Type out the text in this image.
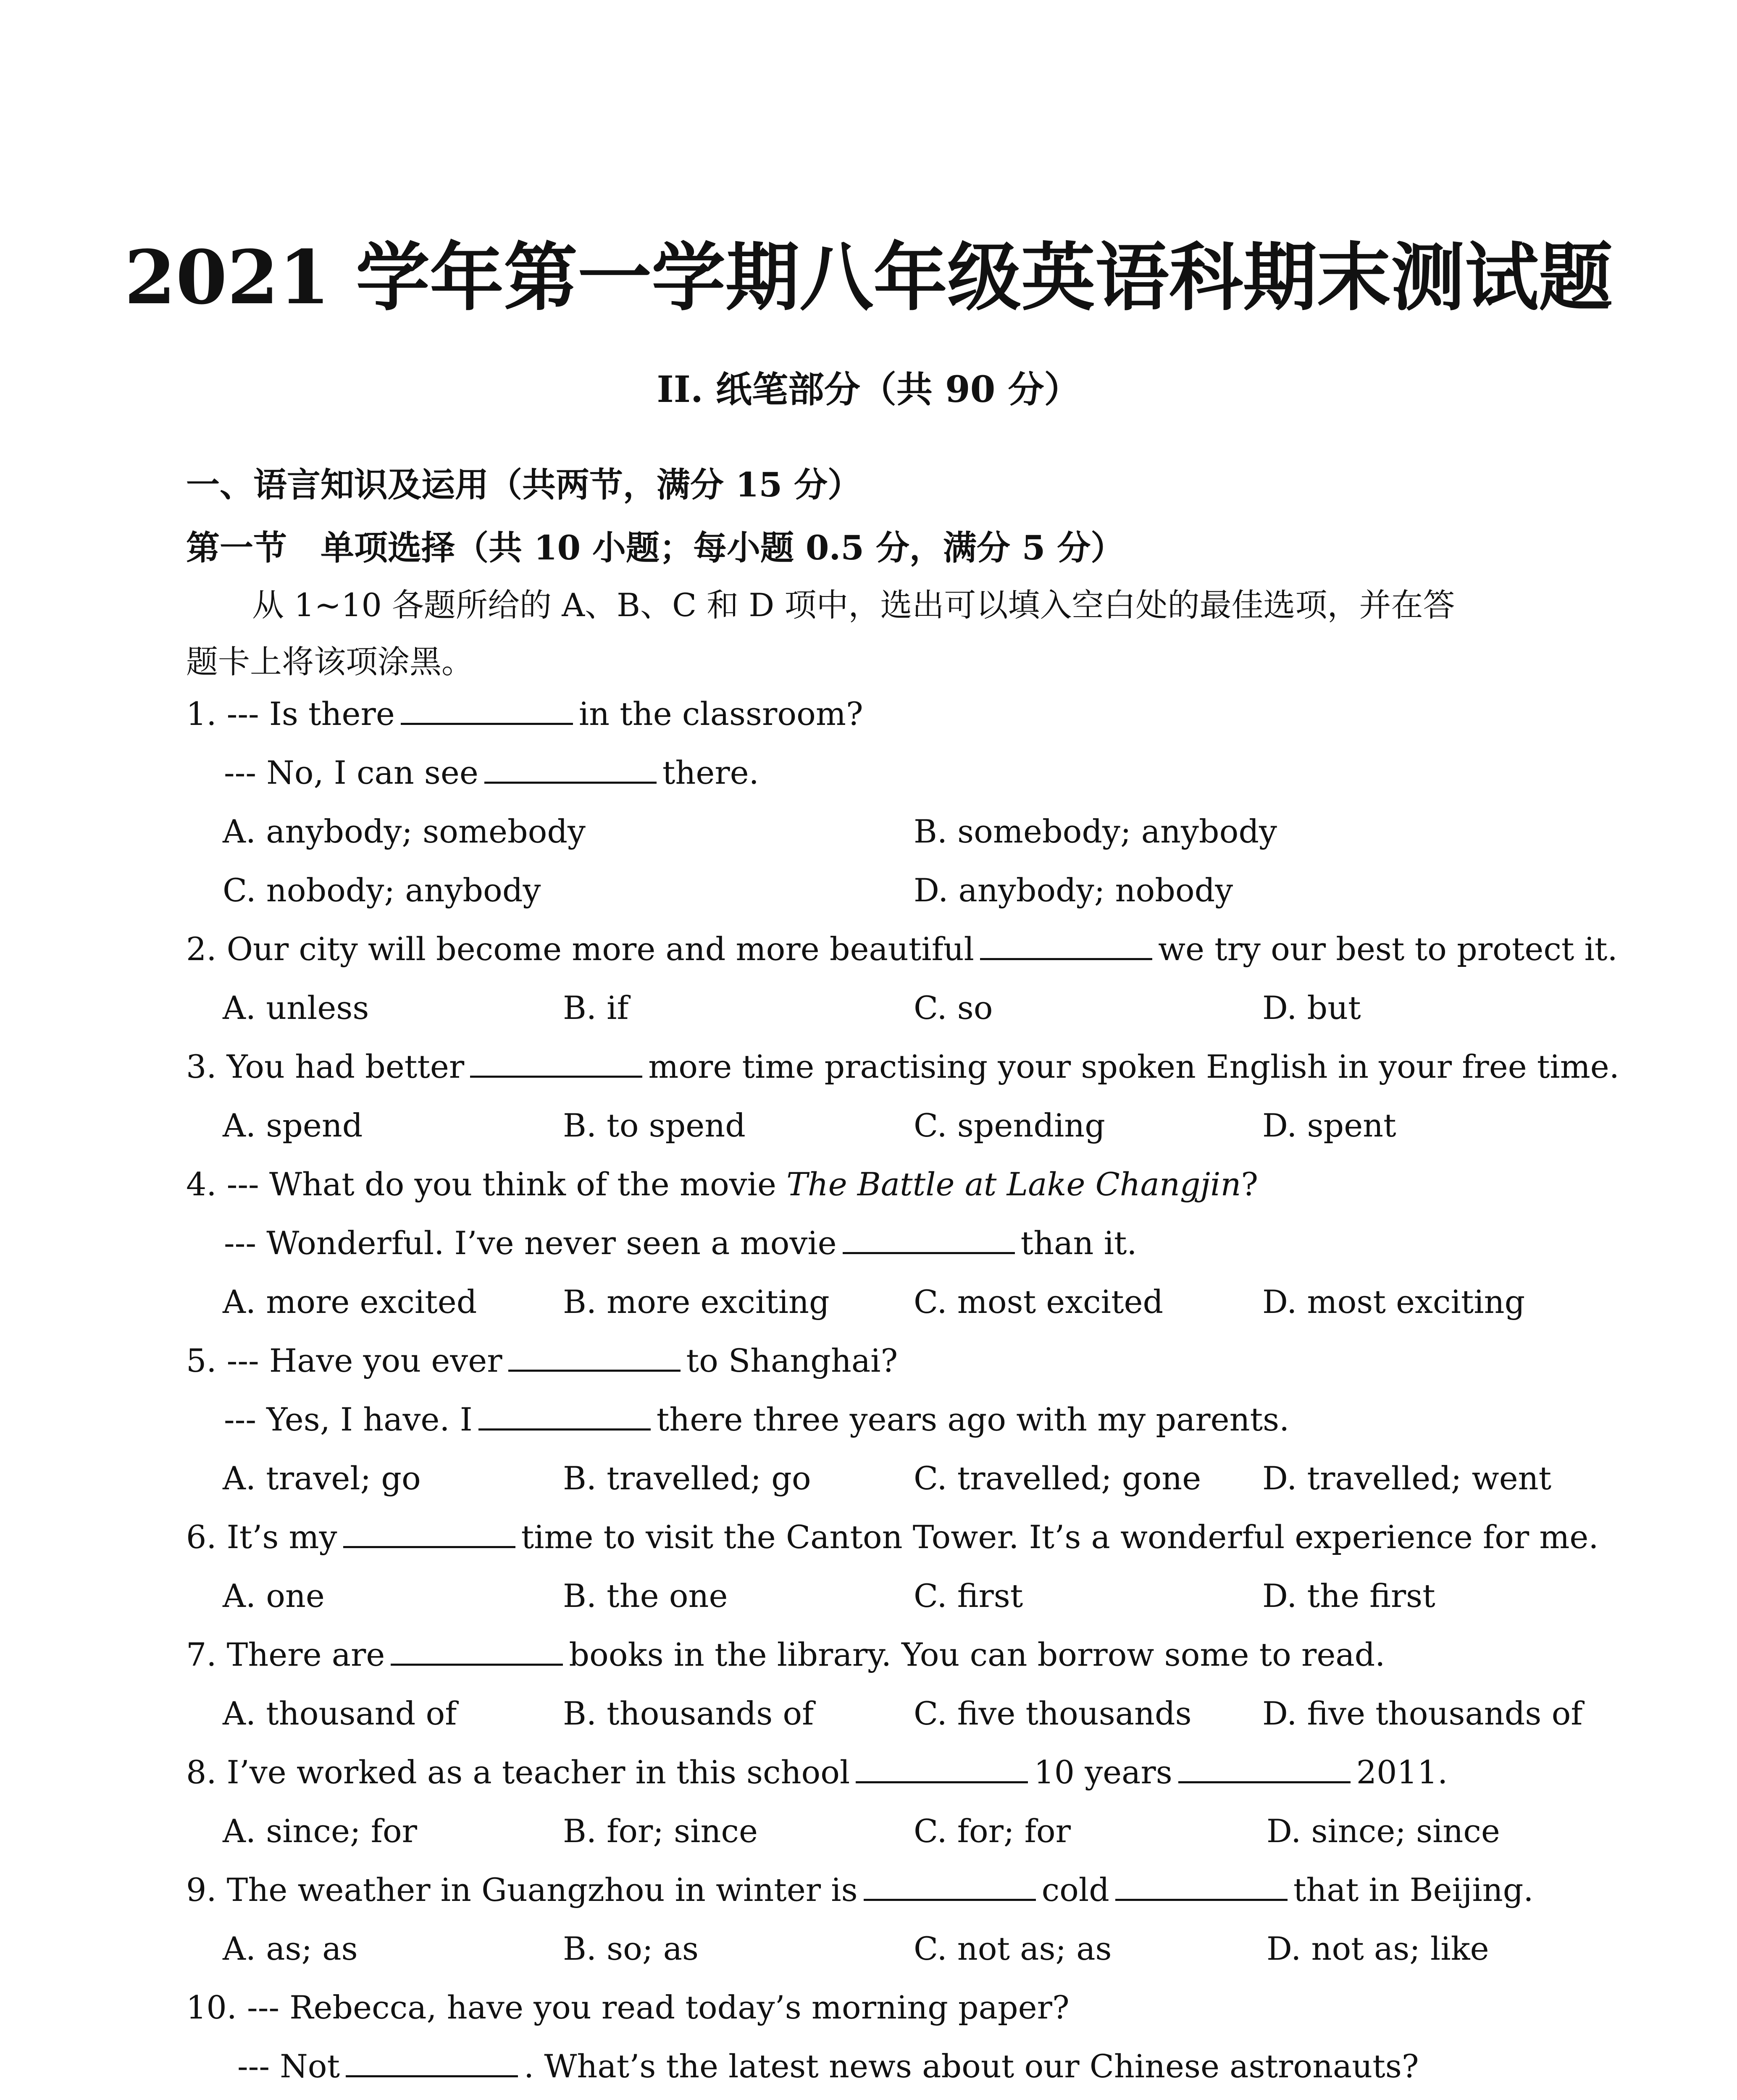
2021 学年第一学期八年级英语科期末测试题
II. 纸笔部分（共 90 分）
一、语言知识及运用（共两节，满分 15 分）
第一节　单项选择（共 10 小题；每小题 0.5 分，满分 5 分）
从 1~10 各题所给的 A、B、C 和 D 项中，选出可以填入空白处的最佳选项，并在答
题卡上将该项涂黑。
1. --- Is there	in the classroom?
--- No, I can see	there.
A. anybody; somebody	B. somebody; anybody
C. nobody; anybody	D. anybody; nobody
2. Our city will become more and more beautiful	we try our best to protect it.
A. unless	B. if	C. so	D. but
3. You had better	more time practising your spoken English in your free time.
A. spend	B. to spend	C. spending	D. spent
4. --- What do you think of the movie The Battle at Lake Changjin?
--- Wonderful. I’ve never seen a movie	than it.
A. more excited	B. more exciting	C. most excited	D. most exciting
5. --- Have you ever	to Shanghai?
--- Yes, I have. I	there three years ago with my parents.
A. travel; go	B. travelled; go	C. travelled; gone D. travelled; went
6. It’s my	time to visit the Canton Tower. It’s a wonderful experience for me.
A. one	B. the one	C. first	D. the first
7. There are	books in the library. You can borrow some to read.
A. thousand of	B. thousands of	C. five thousands D. five thousands of
8. I’ve worked as a teacher in this school	10 years	2011.
A. since; for	B. for; since	C. for; for	D. since; since
9. The weather in Guangzhou in winter is	cold	that in Beijing.
A. as; as	B. so; as	C. not as; as	D. not as; like
10. --- Rebecca, have you read today’s morning paper?
--- Not	. What’s the latest news about our Chinese astronauts?
